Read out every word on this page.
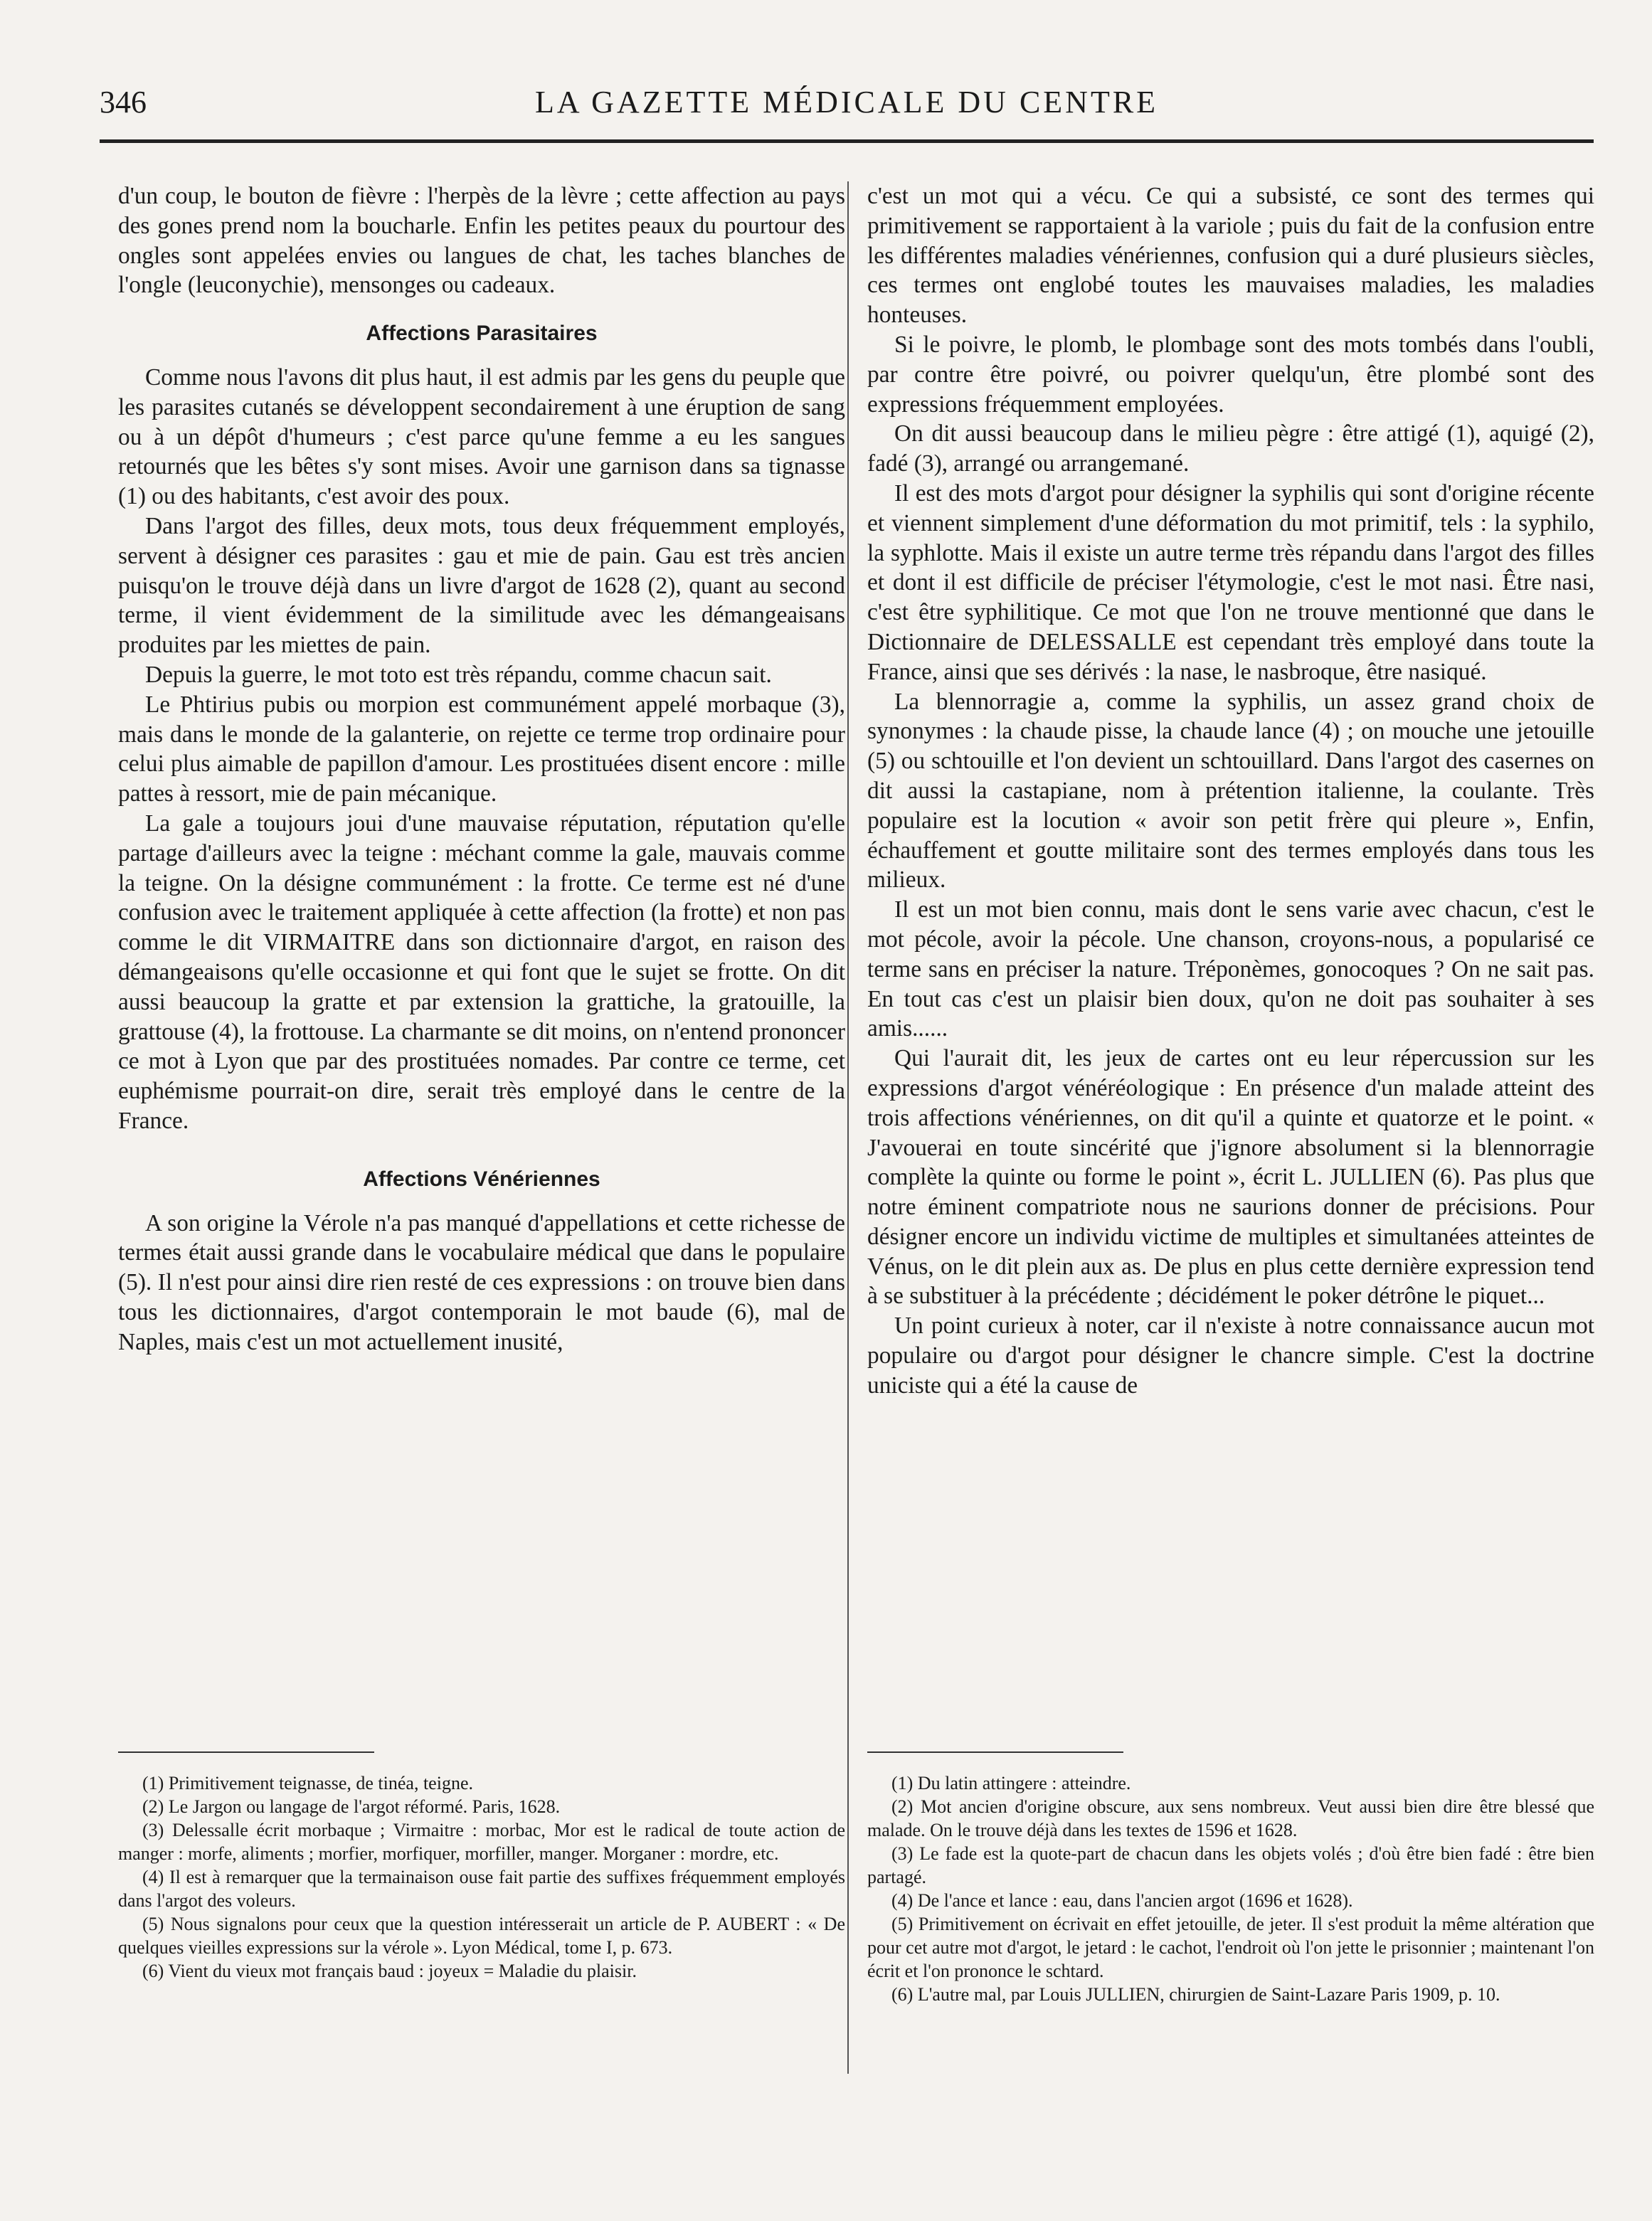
346	LA GAZETTE MÉDICALE DU CENTRE

d'un coup, le bouton de fièvre : l'herpès de la lèvre ; cette affection au pays des gones prend nom la boucharle. Enfin les petites peaux du pourtour des ongles sont appelées envies ou langues de chat, les taches blanches de l'ongle (leuconychie), mensonges ou cadeaux.

Affections Parasitaires

Comme nous l'avons dit plus haut, il est admis par les gens du peuple que les parasites cutanés se développent secondairement à une éruption de sang ou à un dépôt d'humeurs ; c'est parce qu'une femme a eu les sangues retournés que les bêtes s'y sont mises. Avoir une garnison dans sa tignasse (1) ou des habitants, c'est avoir des poux.

Dans l'argot des filles, deux mots, tous deux fréquemment employés, servent à désigner ces parasites : gau et mie de pain. Gau est très ancien puisqu'on le trouve déjà dans un livre d'argot de 1628 (2), quant au second terme, il vient évidemment de la similitude avec les démangeaisans produites par les miettes de pain.

Depuis la guerre, le mot toto est très répandu, comme chacun sait.

Le Phtirius pubis ou morpion est communément appelé morbaque (3), mais dans le monde de la galanterie, on rejette ce terme trop ordinaire pour celui plus aimable de papillon d'amour. Les prostituées disent encore : mille pattes à ressort, mie de pain mécanique.

La gale a toujours joui d'une mauvaise réputation, réputation qu'elle partage d'ailleurs avec la teigne : méchant comme la gale, mauvais comme la teigne. On la désigne communément : la frotte. Ce terme est né d'une confusion avec le traitement appliquée à cette affection (la frotte) et non pas comme le dit VIRMAITRE dans son dictionnaire d'argot, en raison des démangeaisons qu'elle occasionne et qui font que le sujet se frotte. On dit aussi beaucoup la gratte et par extension la grattiche, la gratouille, la grattouse (4), la frottouse. La charmante se dit moins, on n'entend prononcer ce mot à Lyon que par des prostituées nomades. Par contre ce terme, cet euphémisme pourrait-on dire, serait très employé dans le centre de la France.

Affections Vénériennes

A son origine la Vérole n'a pas manqué d'appellations et cette richesse de termes était aussi grande dans le vocabulaire médical que dans le populaire (5). Il n'est pour ainsi dire rien resté de ces expressions : on trouve bien dans tous les dictionnaires, d'argot contemporain le mot baude (6), mal de Naples, mais c'est un mot actuellement inusité,

c'est un mot qui a vécu. Ce qui a subsisté, ce sont des termes qui primitivement se rapportaient à la variole ; puis du fait de la confusion entre les différentes maladies vénériennes, confusion qui a duré plusieurs siècles, ces termes ont englobé toutes les mauvaises maladies, les maladies honteuses.

Si le poivre, le plomb, le plombage sont des mots tombés dans l'oubli, par contre être poivré, ou poivrer quelqu'un, être plombé sont des expressions fréquemment employées.

On dit aussi beaucoup dans le milieu pègre : être attigé (1), aquigé (2), fadé (3), arrangé ou arrangemané.

Il est des mots d'argot pour désigner la syphilis qui sont d'origine récente et viennent simplement d'une déformation du mot primitif, tels : la syphilo, la syphlotte. Mais il existe un autre terme très répandu dans l'argot des filles et dont il est difficile de préciser l'étymologie, c'est le mot nasi. Être nasi, c'est être syphilitique. Ce mot que l'on ne trouve mentionné que dans le Dictionnaire de DELESSALLE est cependant très employé dans toute la France, ainsi que ses dérivés : la nase, le nasbroque, être nasiqué.

La blennorragie a, comme la syphilis, un assez grand choix de synonymes : la chaude pisse, la chaude lance (4) ; on mouche une jetouille (5) ou schtouille et l'on devient un schtouillard. Dans l'argot des casernes on dit aussi la castapiane, nom à prétention italienne, la coulante. Très populaire est la locution « avoir son petit frère qui pleure », Enfin, échauffement et goutte militaire sont des termes employés dans tous les milieux.

Il est un mot bien connu, mais dont le sens varie avec chacun, c'est le mot pécole, avoir la pécole. Une chanson, croyons-nous, a popularisé ce terme sans en préciser la nature. Tréponèmes, gonocoques ? On ne sait pas. En tout cas c'est un plaisir bien doux, qu'on ne doit pas souhaiter à ses amis......

Qui l'aurait dit, les jeux de cartes ont eu leur répercussion sur les expressions d'argot vénéréologique : En présence d'un malade atteint des trois affections vénériennes, on dit qu'il a quinte et quatorze et le point. « J'avouerai en toute sincérité que j'ignore absolument si la blennorragie complète la quinte ou forme le point », écrit L. JULLIEN (6). Pas plus que notre éminent compatriote nous ne saurions donner de précisions. Pour désigner encore un individu victime de multiples et simultanées atteintes de Vénus, on le dit plein aux as. De plus en plus cette dernière expression tend à se substituer à la précédente ; décidément le poker détrône le piquet...

Un point curieux à noter, car il n'existe à notre connaissance aucun mot populaire ou d'argot pour désigner le chancre simple. C'est la doctrine uniciste qui a été la cause de

(1) Primitivement teignasse, de tinéa, teigne.

(2) Le Jargon ou langage de l'argot réformé. Paris, 1628.

(3) Delessalle écrit morbaque ; Virmaitre : morbac, Mor est le radical de toute action de manger : morfe, aliments ; morfier, morfiquer, morfiller, manger. Morganer : mordre, etc.

(4) Il est à remarquer que la termainaison ouse fait partie des suffixes fréquemment employés dans l'argot des voleurs.

(5) Nous signalons pour ceux que la question intéresserait un article de P. AUBERT : « De quelques vieilles expressions sur la vérole ». Lyon Médical, tome I, p. 673.

(6) Vient du vieux mot français baud : joyeux = Maladie du plaisir.

(1) Du latin attingere : atteindre.

(2) Mot ancien d'origine obscure, aux sens nombreux. Veut aussi bien dire être blessé que malade. On le trouve déjà dans les textes de 1596 et 1628.

(3) Le fade est la quote-part de chacun dans les objets volés ; d'où être bien fadé : être bien partagé.

(4) De l'ance et lance : eau, dans l'ancien argot (1696 et 1628).

(5) Primitivement on écrivait en effet jetouille, de jeter. Il s'est produit la même altération que pour cet autre mot d'argot, le jetard : le cachot, l'endroit où l'on jette le prisonnier ; maintenant l'on écrit et l'on prononce le schtard.

(6) L'autre mal, par Louis JULLIEN, chirurgien de Saint-Lazare Paris 1909, p. 10.
